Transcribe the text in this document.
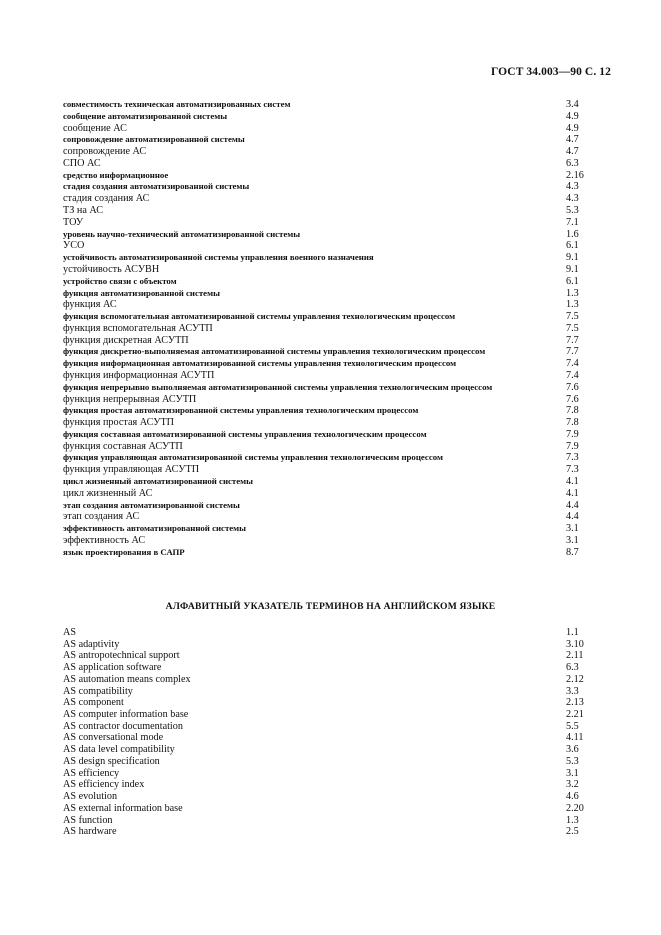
ГОСТ 34.003—90 С. 12
совместимость техническая автоматизированных систем	3.4
сообщение автоматизированной системы	4.9
сообщение АС	4.9
сопровождение автоматизированной системы	4.7
сопровождение АС	4.7
СПО АС	6.3
средство информационное	2.16
стадия создания автоматизированной системы	4.3
стадия создания АС	4.3
ТЗ на АС	5.3
ТОУ	7.1
уровень научно-технический автоматизированной системы	1.6
УСО	6.1
устойчивость автоматизированной системы управления военного назначения	9.1
устойчивость АСУВН	9.1
устройство связи с объектом	6.1
функция автоматизированной системы	1.3
функция АС	1.3
функция вспомогательная автоматизированной системы управления технологическим процессом	7.5
функция вспомогательная АСУТП	7.5
функция дискретная АСУТП	7.7
функция дискретно-выполняемая автоматизированной системы управления технологическим процессом	7.7
функция информационная автоматизированной системы управления технологическим процессом	7.4
функция информационная АСУТП	7.4
функция непрерывно выполняемая автоматизированной системы управления технологическим процессом	7.6
функция непрерывная АСУТП	7.6
функция простая автоматизированной системы управления технологическим процессом	7.8
функция простая АСУТП	7.8
функция составная автоматизированной системы управления технологическим процессом	7.9
функция составная АСУТП	7.9
функция управляющая автоматизированной системы управления технологическим процессом	7.3
функция управляющая АСУТП	7.3
цикл жизненный автоматизированной системы	4.1
цикл жизненный АС	4.1
этап создания автоматизированной системы	4.4
этап создания АС	4.4
эффективность автоматизированной системы	3.1
эффективность АС	3.1
язык проектирования в САПР	8.7
АЛФАВИТНЫЙ УКАЗАТЕЛЬ ТЕРМИНОВ НА АНГЛИЙСКОМ ЯЗЫКЕ
AS	1.1
AS adaptivity	3.10
AS antropotechnical support	2.11
AS application software	6.3
AS automation means complex	2.12
AS compatibility	3.3
AS component	2.13
AS computer information base	2.21
AS contractor documentation	5.5
AS conversational mode	4.11
AS data level compatibility	3.6
AS design specification	5.3
AS efficiency	3.1
AS efficiency index	3.2
AS evolution	4.6
AS external information base	2.20
AS function	1.3
AS hardware	2.5
